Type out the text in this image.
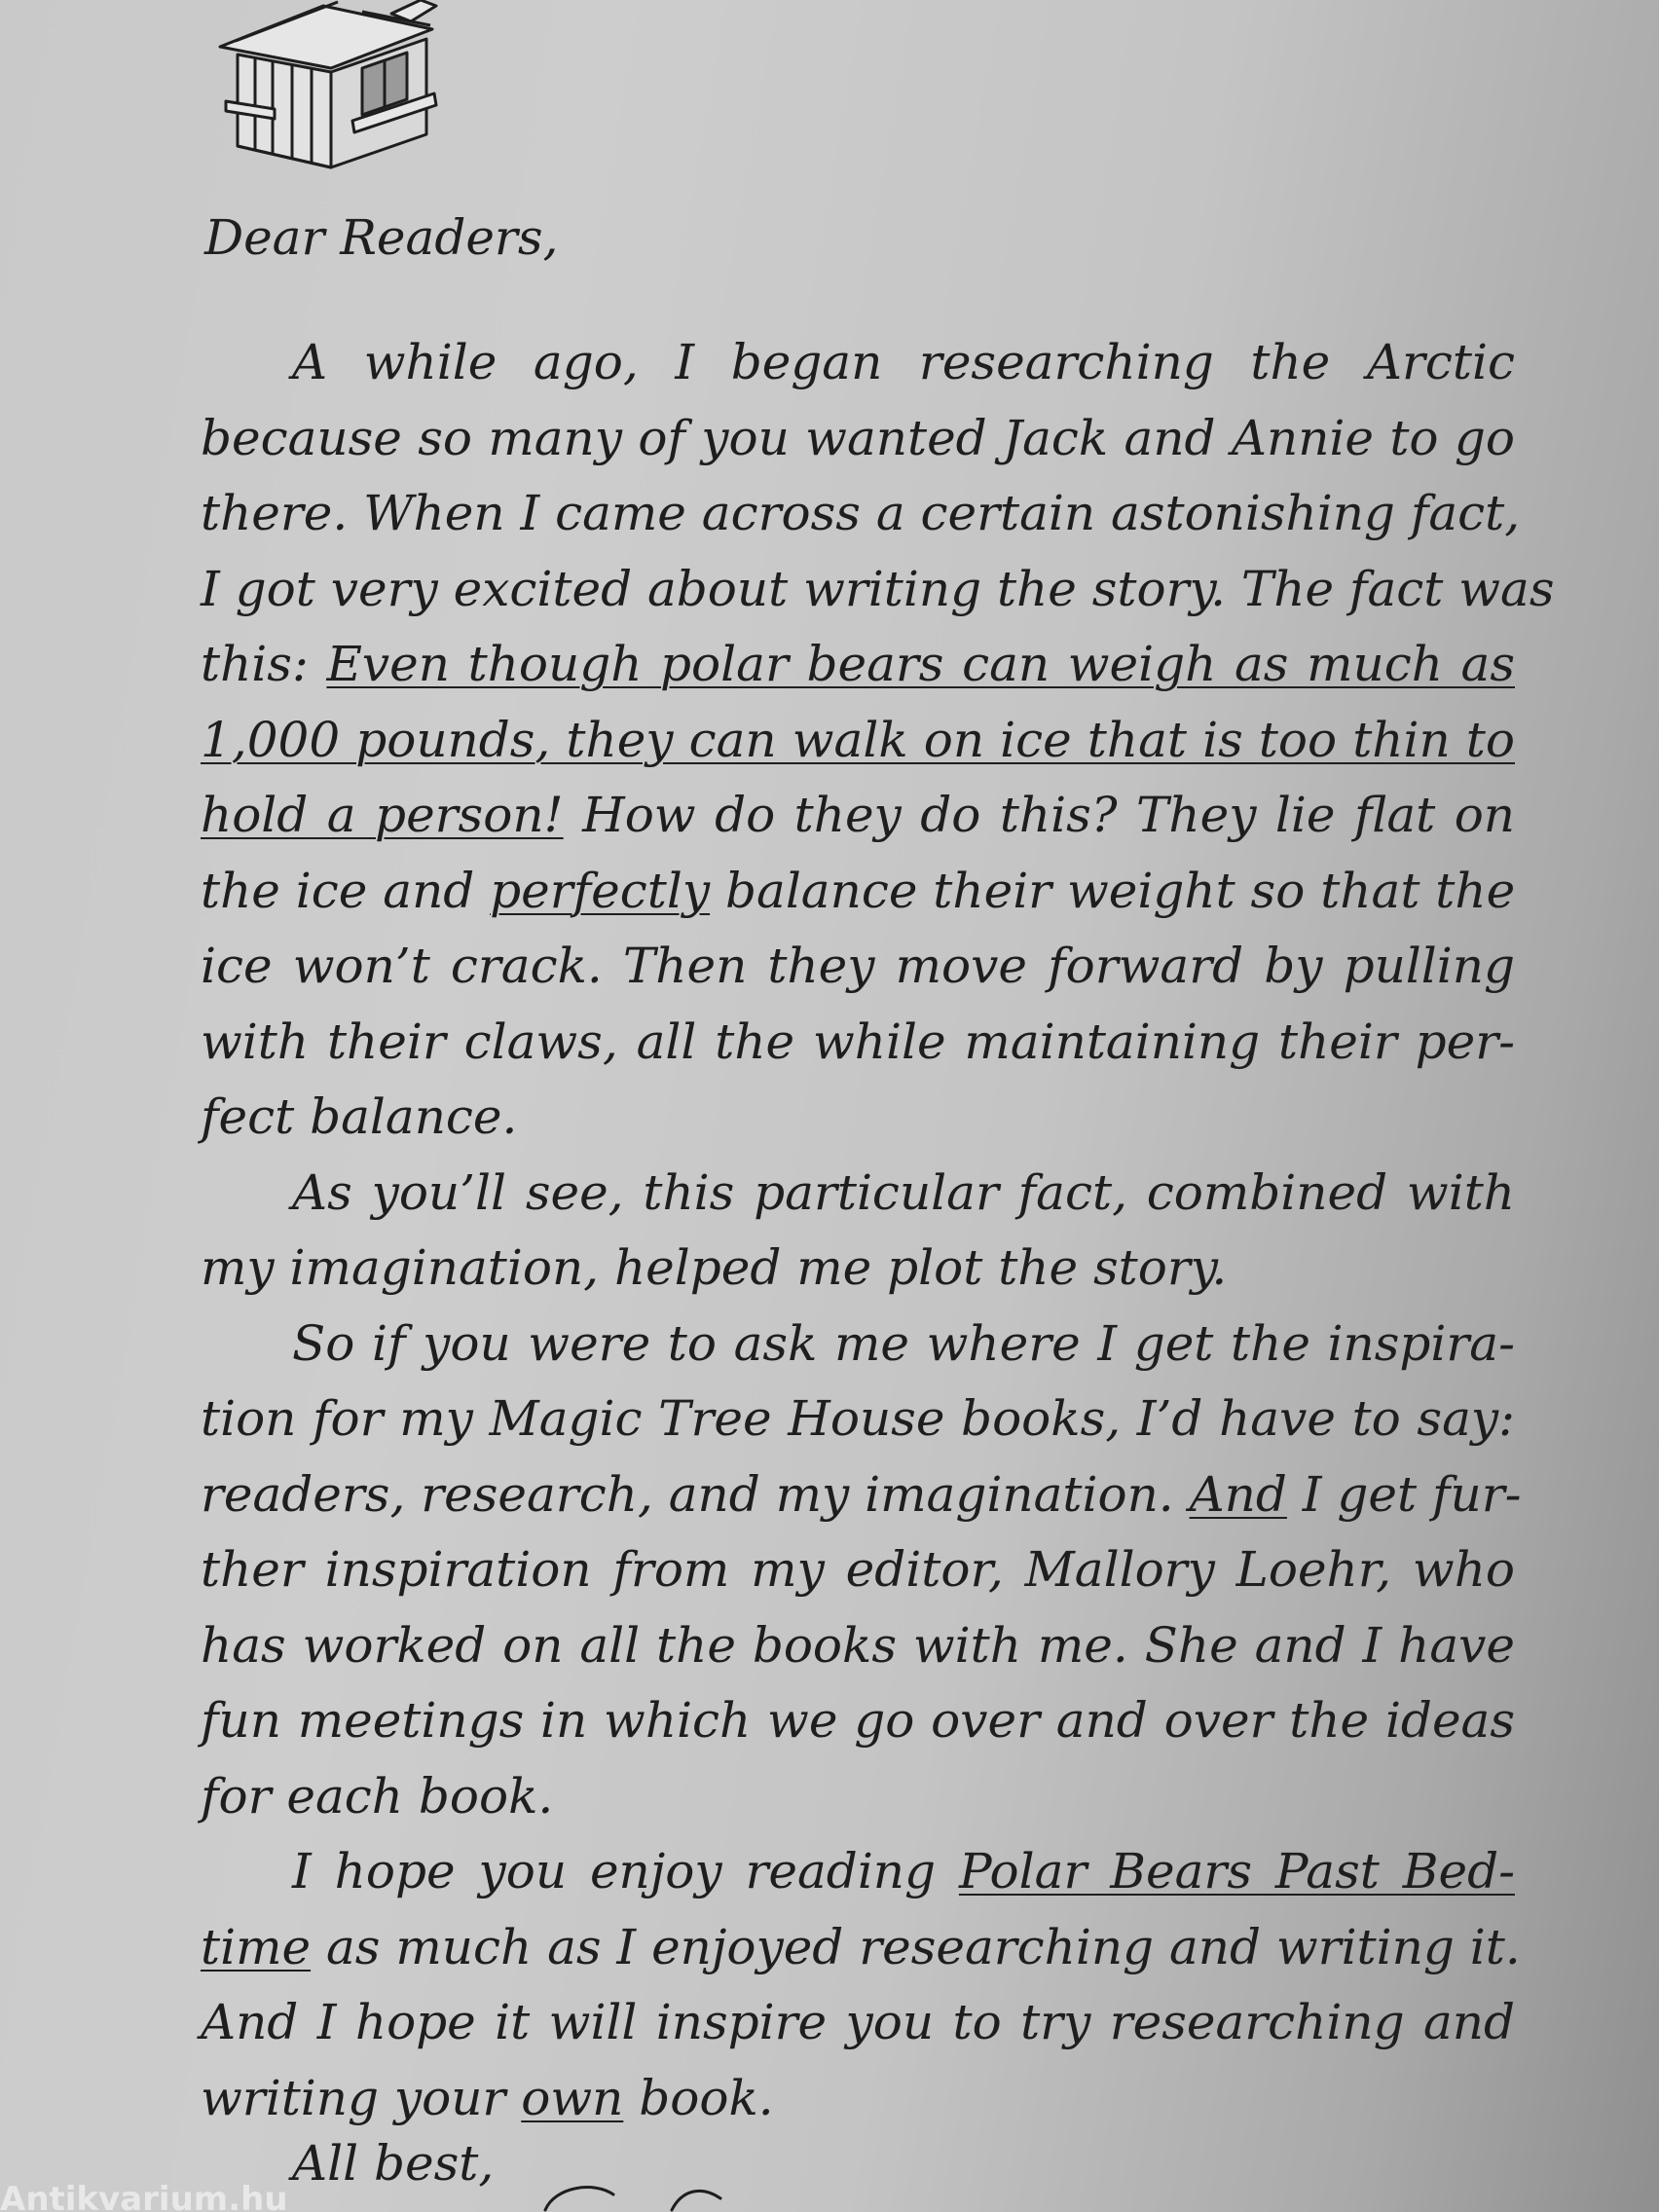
Dear Readers,
A while ago, I began researching the Arctic
because so many of you wanted Jack and Annie to go
there. When I came across a certain astonishing fact,
I got very excited about writing the story. The fact was
this: Even though polar bears can weigh as much as
1,000 pounds, they can walk on ice that is too thin to
hold a person! How do they do this? They lie flat on
the ice and perfectly balance their weight so that the
ice won’t crack. Then they move forward by pulling
with their claws, all the while maintaining their per-
fect balance.
As you’ll see, this particular fact, combined with
my imagination, helped me plot the story.
So if you were to ask me where I get the inspira-
tion for my Magic Tree House books, I’d have to say:
readers, research, and my imagination. And I get fur-
ther inspiration from my editor, Mallory Loehr, who
has worked on all the books with me. She and I have
fun meetings in which we go over and over the ideas
for each book.
I hope you enjoy reading Polar Bears Past Bed-
time as much as I enjoyed researching and writing it.
And I hope it will inspire you to try researching and
writing your own book.
All best,
Antikvarium.hu
